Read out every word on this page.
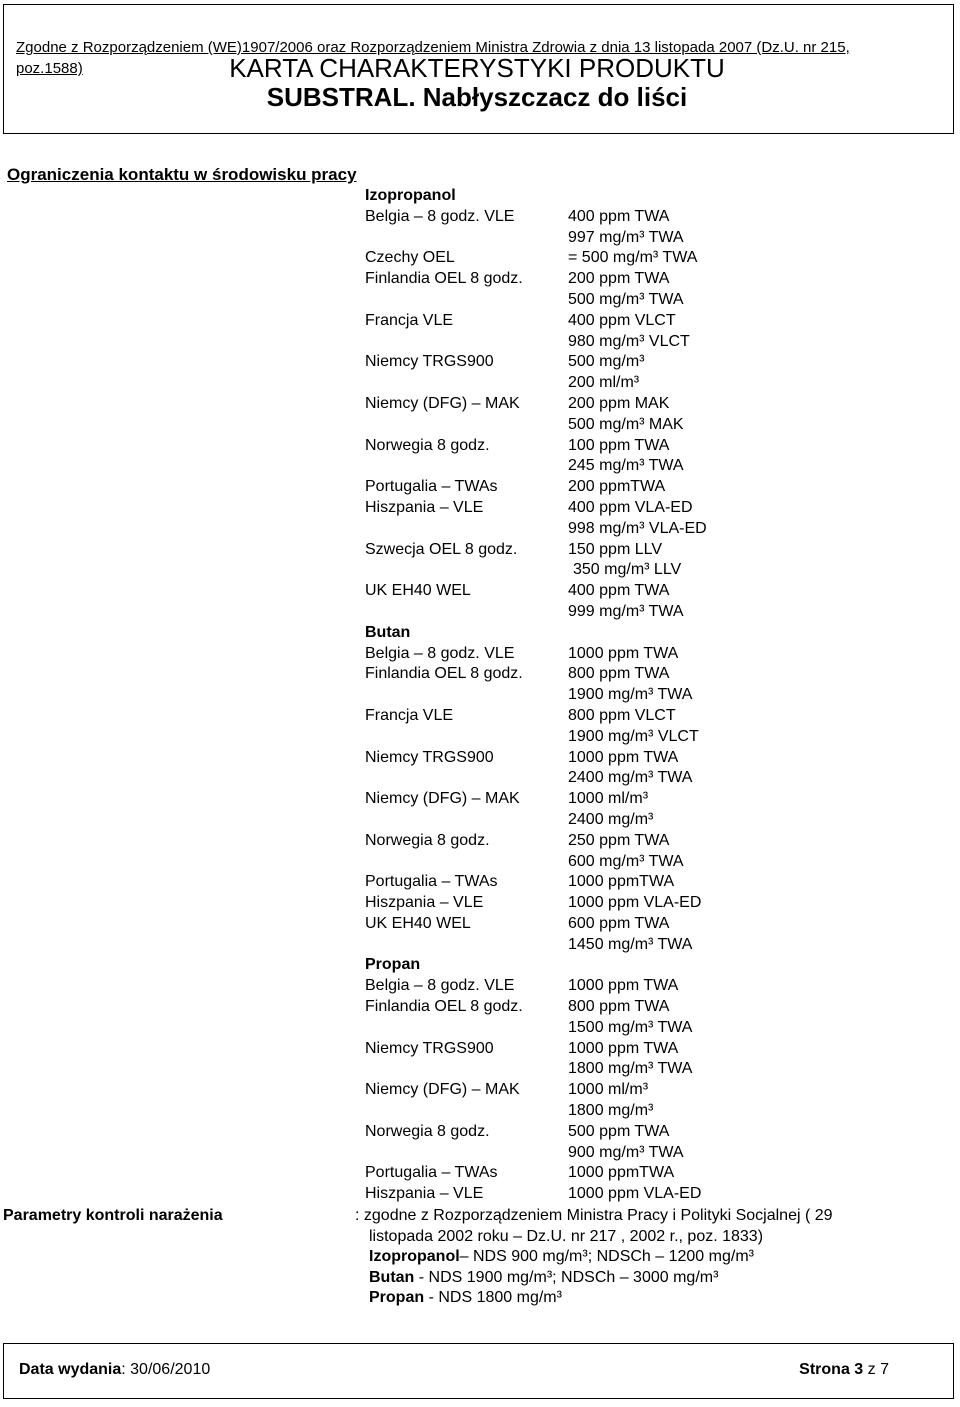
Zgodne z Rozporządzeniem (WE)1907/2006 oraz Rozporządzeniem Ministra Zdrowia z dnia 13 listopada 2007 (Dz.U. nr 215, poz.1588)	KARTA CHARAKTERYSTYKI PRODUKTU
SUBSTRAL. Nabłyszczacz do liści
Ograniczenia kontaktu w środowisku pracy
Izopropanol
Belgia – 8 godz. VLE	400 ppm TWA
997 mg/m³ TWA
Czechy OEL	= 500 mg/m³ TWA
Finlandia OEL 8 godz.	200 ppm TWA
500 mg/m³ TWA
Francja VLE	400 ppm VLCT
980 mg/m³ VLCT
Niemcy TRGS900	500 mg/m³
200 ml/m³
Niemcy (DFG) – MAK	200 ppm MAK
500 mg/m³ MAK
Norwegia 8 godz.	100 ppm TWA
245 mg/m³ TWA
Portugalia – TWAs	200 ppmTWA
Hiszpania – VLE	400 ppm VLA-ED
998 mg/m³ VLA-ED
Szwecja OEL 8 godz.	150 ppm LLV
350 mg/m³ LLV
UK EH40 WEL	400 ppm TWA
999 mg/m³ TWA
Butan
Belgia – 8 godz. VLE	1000 ppm TWA
Finlandia OEL 8 godz.	800 ppm TWA
1900 mg/m³ TWA
Francja VLE	800 ppm VLCT
1900 mg/m³ VLCT
Niemcy TRGS900	1000 ppm TWA
2400 mg/m³ TWA
Niemcy (DFG) – MAK	1000 ml/m³
2400 mg/m³
Norwegia 8 godz.	250 ppm TWA
600 mg/m³ TWA
Portugalia – TWAs	1000 ppmTWA
Hiszpania – VLE	1000 ppm VLA-ED
UK EH40 WEL	600 ppm TWA
1450 mg/m³ TWA
Propan
Belgia – 8 godz. VLE	1000 ppm TWA
Finlandia OEL 8 godz.	800 ppm TWA
1500 mg/m³ TWA
Niemcy TRGS900	1000 ppm TWA
1800 mg/m³ TWA
Niemcy (DFG) – MAK	1000 ml/m³
1800 mg/m³
Norwegia 8 godz.	500 ppm TWA
900 mg/m³ TWA
Portugalia – TWAs	1000 ppmTWA
Hiszpania – VLE	1000 ppm VLA-ED
Parametry kontroli narażenia	: zgodne z Rozporządzeniem Ministra Pracy i Polityki Socjalnej ( 29
listopada 2002 roku – Dz.U. nr 217 , 2002 r., poz. 1833)
Izopropanol– NDS 900 mg/m³; NDSCh – 1200 mg/m³
Butan - NDS 1900 mg/m³; NDSCh – 3000 mg/m³
Propan - NDS 1800 mg/m³
Data wydania: 30/06/2010	Strona 3 z 7
